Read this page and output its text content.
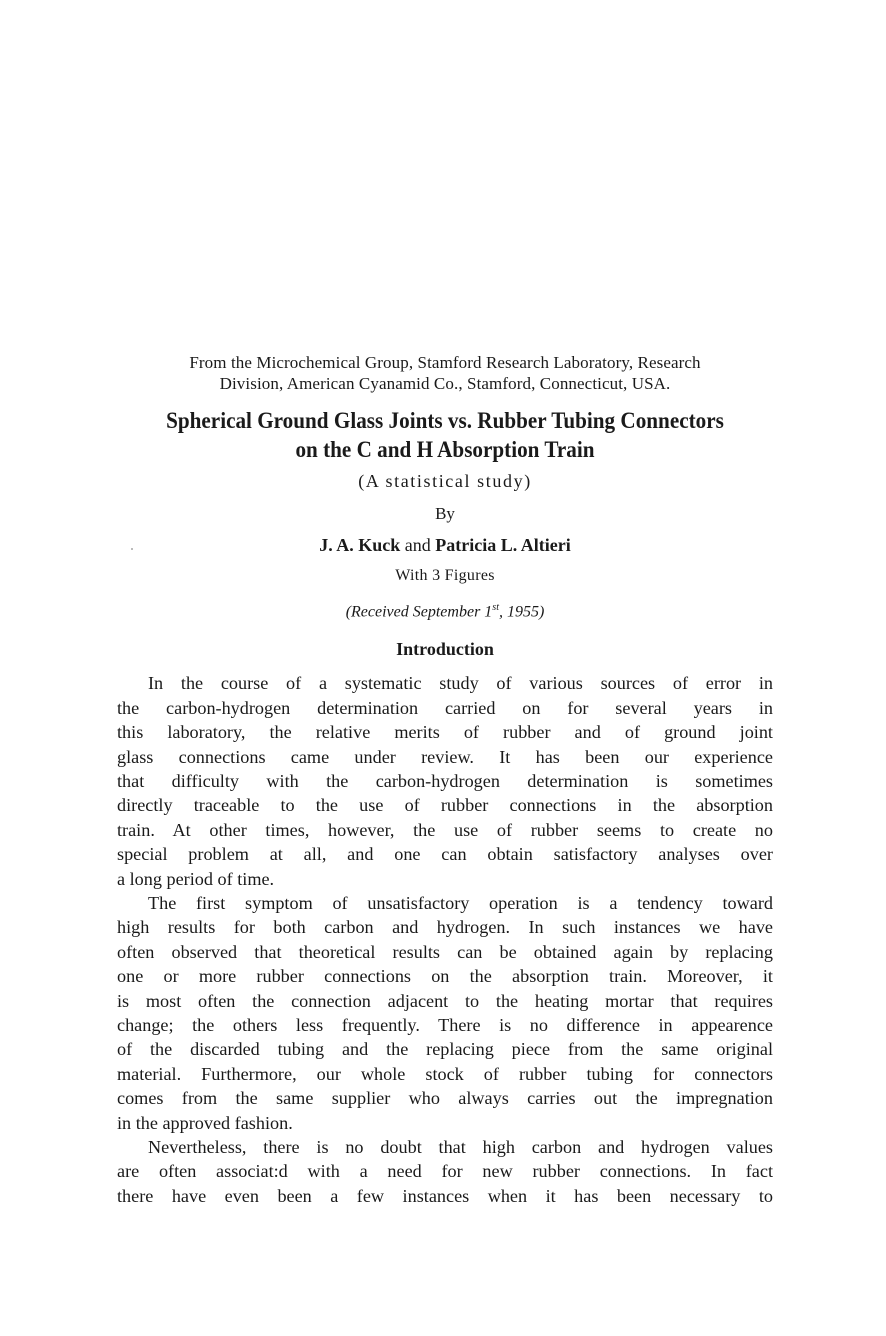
From the Microchemical Group, Stamford Research Laboratory, Research

Division, American Cyanamid Co., Stamford, Connecticut, USA.

Spherical Ground Glass Joints vs. Rubber Tubing Connectors
on the C and H Absorption Train

(A statistical study)

By

J. A. Kuck and Patricia L. Altieri

With 3 Figures

(Received September 1st, 1955)

Introduction

In the course of a systematic study of various sources of error in
the carbon-hydrogen determination carried on for several years in
this laboratory, the relative merits of rubber and of ground joint
glass connections came under review. It has been our experience
that difficulty with the carbon-hydrogen determination is sometimes
directly traceable to the use of rubber connections in the absorption
train. At other times, however, the use of rubber seems to create no
special problem at all, and one can obtain satisfactory analyses over
a long period of time.
The first symptom of unsatisfactory operation is a tendency toward
high results for both carbon and hydrogen. In such instances we have
often observed that theoretical results can be obtained again by replacing
one or more rubber connections on the absorption train. Moreover, it
is most often the connection adjacent to the heating mortar that requires
change; the others less frequently. There is no difference in appearence
of the discarded tubing and the replacing piece from the same original
material. Furthermore, our whole stock of rubber tubing for connectors
comes from the same supplier who always carries out the impregnation
in the approved fashion.
Nevertheless, there is no doubt that high carbon and hydrogen values
are often associat:d with a need for new rubber connections. In fact
there have even been a few instances when it has been necessary to
